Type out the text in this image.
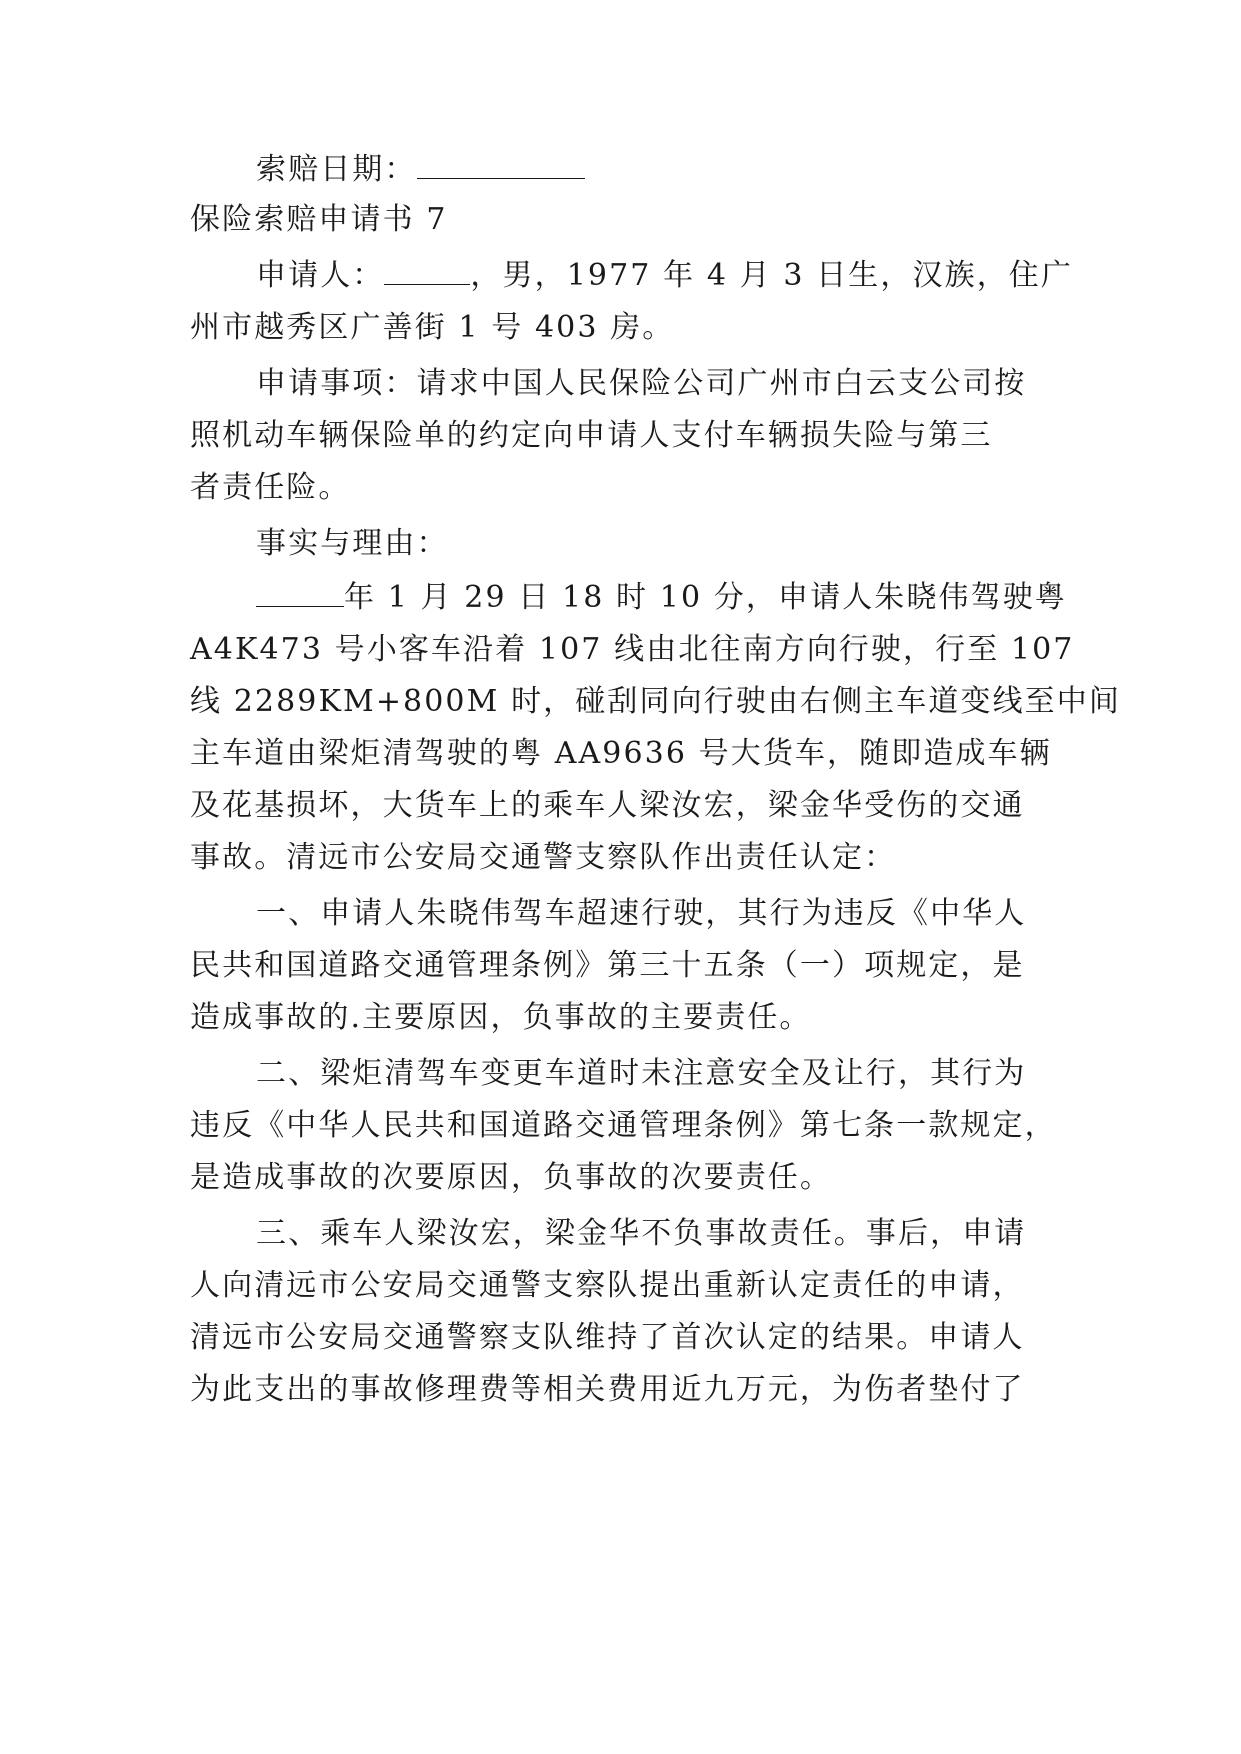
索赔日期：
保险索赔申请书 7
申请人：	，男，1977 年 4 月 3 日生，汉族，住广
州市越秀区广善街 1 号 403 房。
申请事项：请求中国人民保险公司广州市白云支公司按
照机动车辆保险单的约定向申请人支付车辆损失险与第三
者责任险。
事实与理由：
年 1 月 29 日 18 时 10 分，申请人朱晓伟驾驶粤
A4K473 号小客车沿着 107 线由北往南方向行驶，行至 107
线 2289KM+800M 时，碰刮同向行驶由右侧主车道变线至中间
主车道由梁炬清驾驶的粤 AA9636 号大货车，随即造成车辆
及花基损坏，大货车上的乘车人梁汝宏，梁金华受伤的交通
事故。清远市公安局交通警支察队作出责任认定：
一、申请人朱晓伟驾车超速行驶，其行为违反《中华人
民共和国道路交通管理条例》第三十五条（一）项规定，是
造成事故的.主要原因，负事故的主要责任。
二、梁炬清驾车变更车道时未注意安全及让行，其行为
违反《中华人民共和国道路交通管理条例》第七条一款规定，
是造成事故的次要原因，负事故的次要责任。
三、乘车人梁汝宏，梁金华不负事故责任。事后，申请
人向清远市公安局交通警支察队提出重新认定责任的申请，
清远市公安局交通警察支队维持了首次认定的结果。申请人
为此支出的事故修理费等相关费用近九万元，为伤者垫付了
